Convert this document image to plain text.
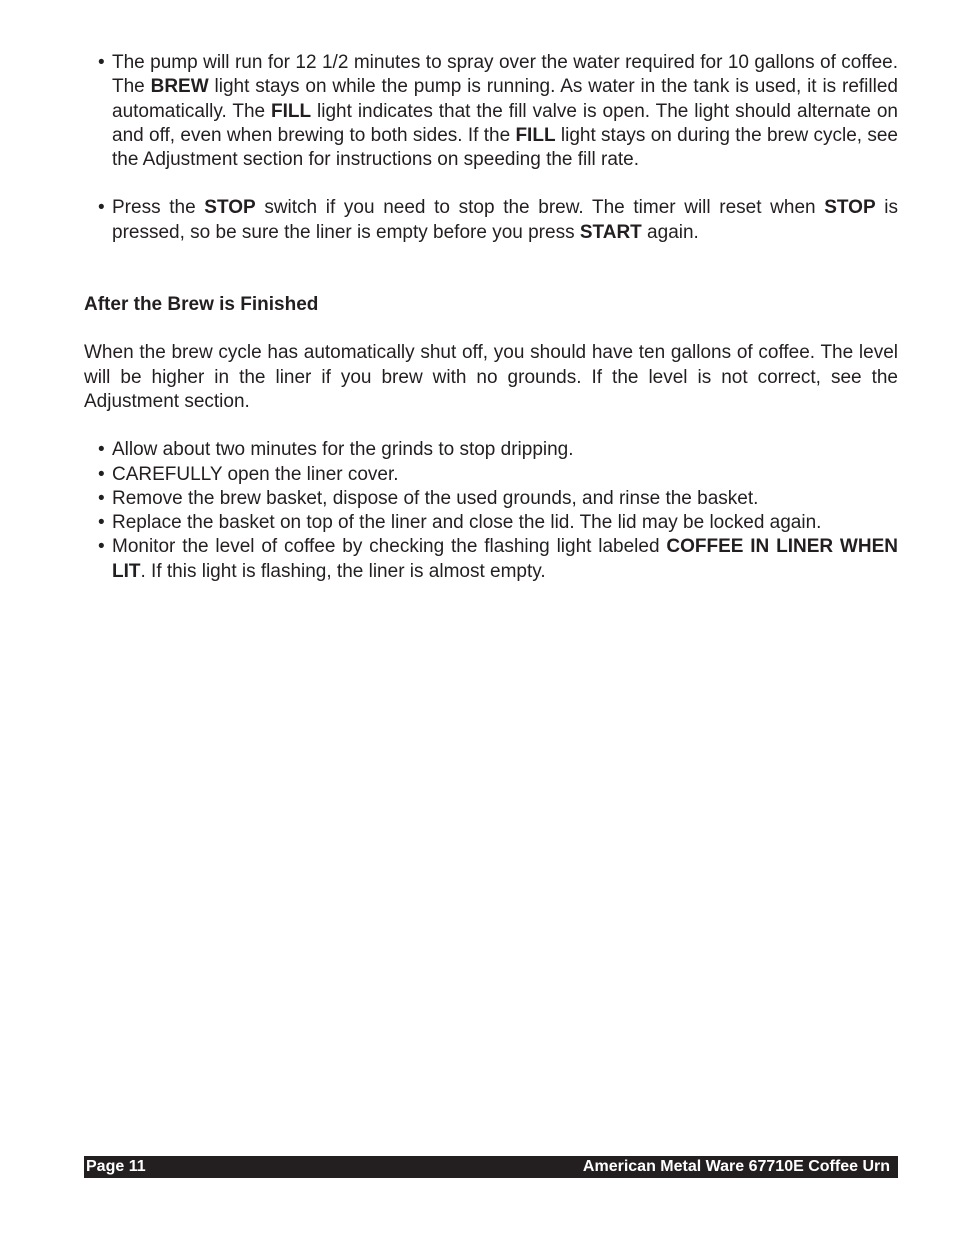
• The pump will run for 12 1/2 minutes to spray over the water required for 10 gallons of coffee. The BREW light stays on while the pump is running. As water in the tank is used, it is refilled automatically. The FILL light indicates that the fill valve is open. The light should alternate on and off, even when brewing to both sides. If the FILL light stays on during the brew cycle, see the Adjustment section for instructions on speeding the fill rate.
• Press the STOP switch if you need to stop the brew. The timer will reset when STOP is pressed, so be sure the liner is empty before you press START again.

After the Brew is Finished

When the brew cycle has automatically shut off, you should have ten gallons of coffee. The level will be higher in the liner if you brew with no grounds. If the level is not correct, see the Adjustment section.

• Allow about two minutes for the grinds to stop dripping.
• CAREFULLY open the liner cover.
• Remove the brew basket, dispose of the used grounds, and rinse the basket.
• Replace the basket on top of the liner and close the lid. The lid may be locked again.
• Monitor the level of coffee by checking the flashing light labeled COFFEE IN LINER WHEN LIT. If this light is flashing, the liner is almost empty.
Page 11	American Metal Ware 67710E Coffee Urn
